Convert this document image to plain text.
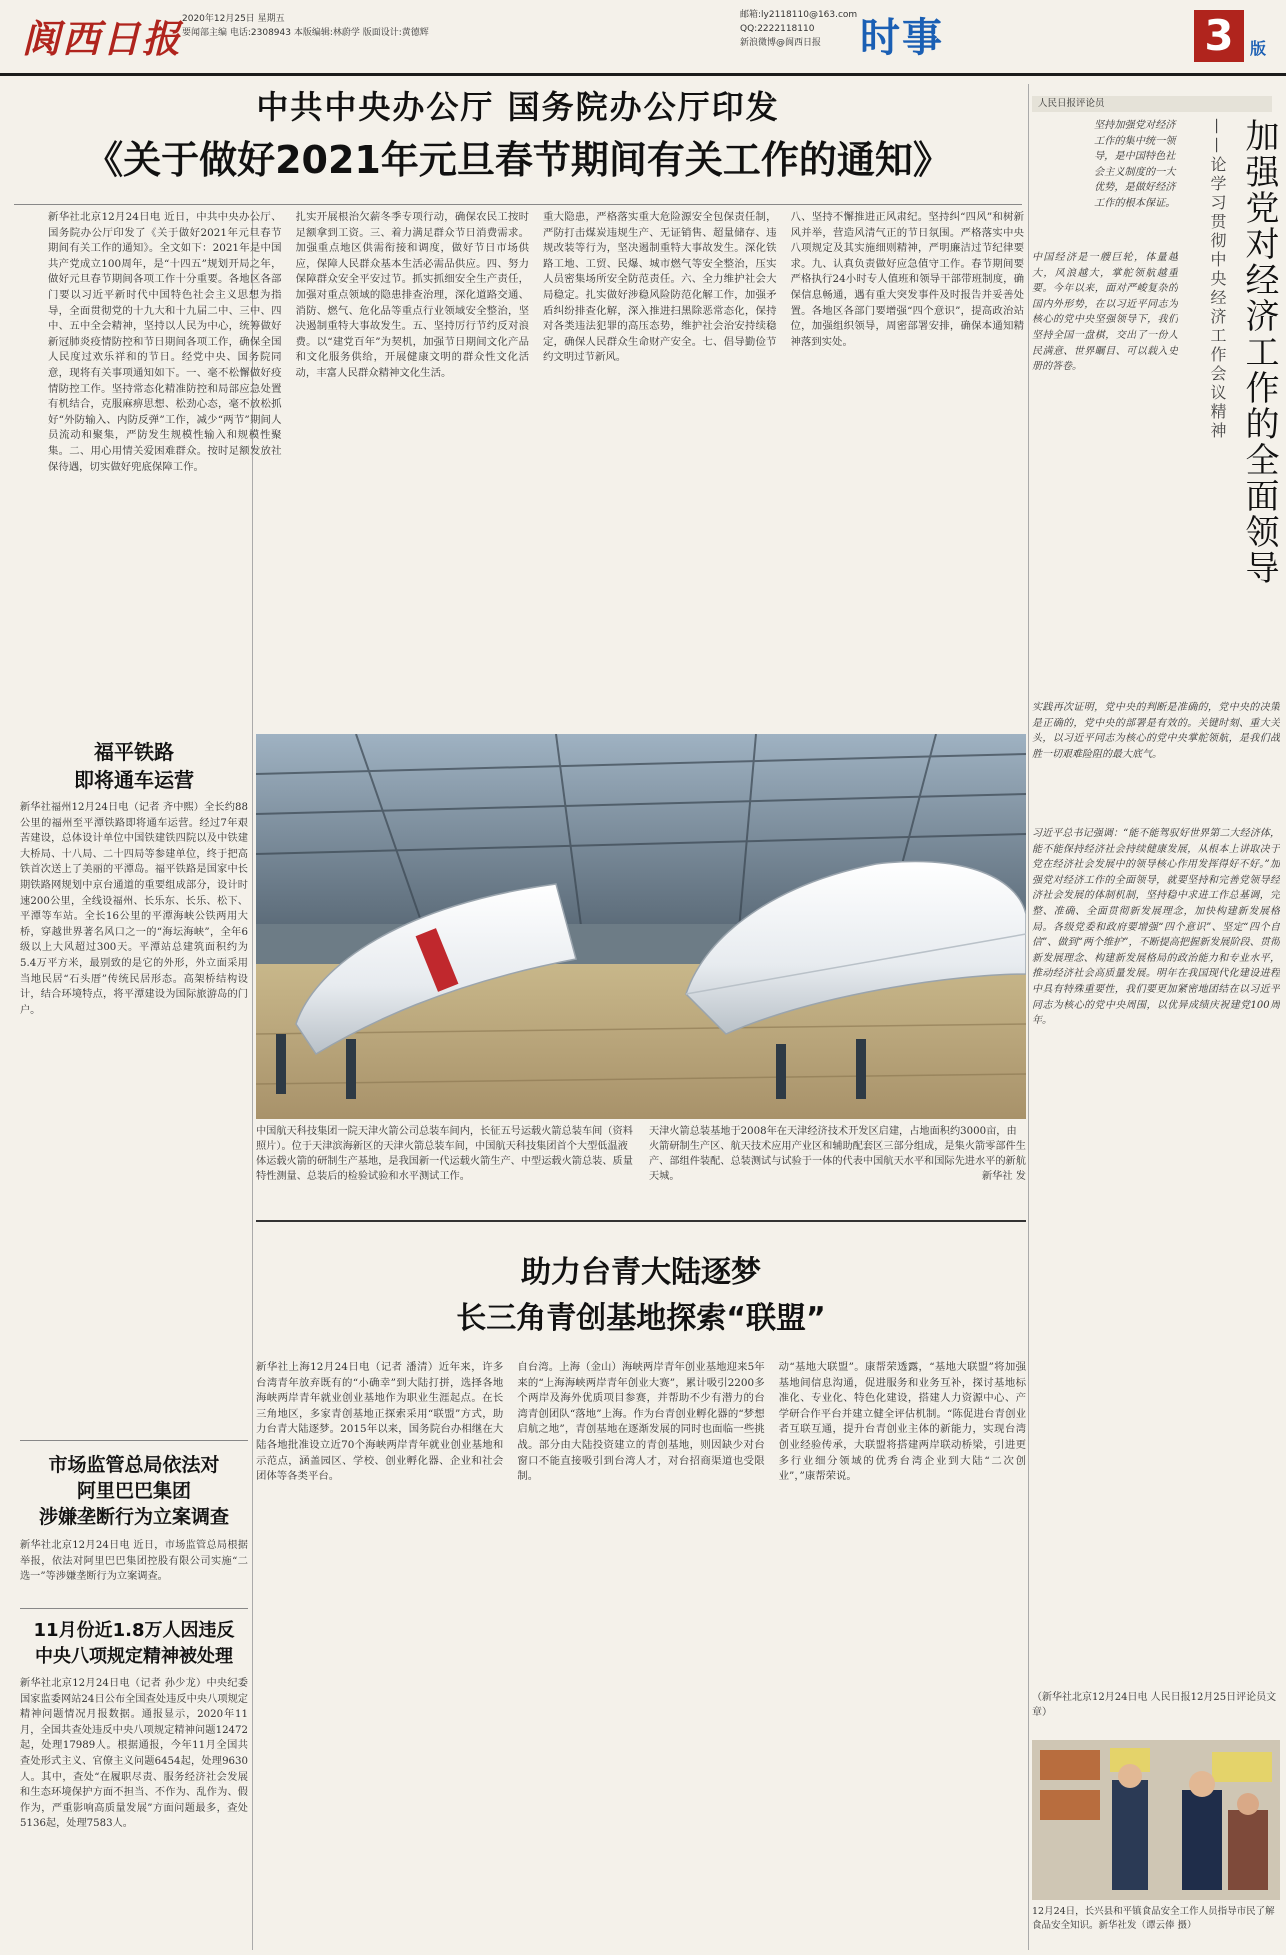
阆西日报 2020年12月25日 星期五
要闻部主编 电话:2308943 本版编辑:林蔚学 版面设计:黄德辉
邮箱:ly2118110@163.com
QQ:2222118110
新浪微博@阆西日报 时事	3	版
中共中央办公厅 国务院办公厅印发
《关于做好2021年元旦春节期间有关工作的通知》
福平铁路
即将通车运营
新华社福州12月24日电（记者 齐中熙）全长约88公里的福州至平潭铁路即将通车运营。经过7年艰苦建设，总体设计单位中国铁建铁四院以及中铁建大桥局、十八局、二十四局等参建单位，终于把高铁首次送上了美丽的平潭岛。福平铁路是国家中长期铁路网规划中京台通道的重要组成部分，设计时速200公里，全线设福州、长乐东、长乐、松下、平潭等车站。全长16公里的平潭海峡公铁两用大桥，穿越世界著名风口之一的“海坛海峡”，全年6级以上大风超过300天。平潭站总建筑面积约为5.4万平方米，最别致的是它的外形，外立面采用当地民居“石头厝”传统民居形态。高架桥结构设计，结合环境特点，将平潭建设为国际旅游岛的门户。
市场监管总局依法对
阿里巴巴集团
涉嫌垄断行为立案调查
新华社北京12月24日电 近日，市场监管总局根据举报，依法对阿里巴巴集团控股有限公司实施“二选一”等涉嫌垄断行为立案调查。
11月份近1.8万人因违反
中央八项规定精神被处理
新华社北京12月24日电（记者 孙少龙）中央纪委国家监委网站24日公布全国查处违反中央八项规定精神问题情况月报数据。通报显示，2020年11月，全国共查处违反中央八项规定精神问题12472起，处理17989人。根据通报，今年11月全国共查处形式主义、官僚主义问题6454起，处理9630人。其中，查处“在履职尽责、服务经济社会发展和生态环境保护方面不担当、不作为、乱作为、假作为，严重影响高质量发展”方面问题最多，查处5136起，处理7583人。
新华社北京12月24日电 近日，中共中央办公厅、国务院办公厅印发了《关于做好2021年元旦春节期间有关工作的通知》。全文如下：2021年是中国共产党成立100周年，是“十四五”规划开局之年，做好元旦春节期间各项工作十分重要。各地区各部门要以习近平新时代中国特色社会主义思想为指导，全面贯彻党的十九大和十九届二中、三中、四中、五中全会精神，坚持以人民为中心，统筹做好新冠肺炎疫情防控和节日期间各项工作，确保全国人民度过欢乐祥和的节日。经党中央、国务院同意，现将有关事项通知如下。一、毫不松懈做好疫情防控工作。坚持常态化精准防控和局部应急处置有机结合，克服麻痹思想、松劲心态，毫不放松抓好“外防输入、内防反弹”工作，减少“两节”期间人员流动和聚集，严防发生规模性输入和规模性聚集。二、用心用情关爱困难群众。按时足额发放社保待遇，切实做好兜底保障工作。
扎实开展根治欠薪冬季专项行动，确保农民工按时足额拿到工资。三、着力满足群众节日消费需求。加强重点地区供需衔接和调度，做好节日市场供应，保障人民群众基本生活必需品供应。四、努力保障群众安全平安过节。抓实抓细安全生产责任，加强对重点领域的隐患排查治理，深化道路交通、消防、燃气、危化品等重点行业领域安全整治，坚决遏制重特大事故发生。五、坚持厉行节约反对浪费。以“建党百年”为契机，加强节日期间文化产品和文化服务供给，开展健康文明的群众性文化活动，丰富人民群众精神文化生活。
重大隐患，严格落实重大危险源安全包保责任制，严防打击煤炭违规生产、无证销售、超量储存、违规改装等行为，坚决遏制重特大事故发生。深化铁路工地、工贸、民爆、城市燃气等安全整治，压实人员密集场所安全防范责任。六、全力维护社会大局稳定。扎实做好涉稳风险防范化解工作，加强矛盾纠纷排查化解，深入推进扫黑除恶常态化，保持对各类违法犯罪的高压态势，维护社会治安持续稳定，确保人民群众生命财产安全。七、倡导勤俭节约文明过节新风。
八、坚持不懈推进正风肃纪。坚持纠“四风”和树新风并举，营造风清气正的节日氛围。严格落实中央八项规定及其实施细则精神，严明廉洁过节纪律要求。九、认真负责做好应急值守工作。春节期间要严格执行24小时专人值班和领导干部带班制度，确保信息畅通，遇有重大突发事件及时报告并妥善处置。各地区各部门要增强“四个意识”，提高政治站位，加强组织领导，周密部署安排，确保本通知精神落到实处。
中国航天科技集团一院天津火箭公司总装车间内，长征五号运载火箭总装车间（资料照片）。位于天津滨海新区的天津火箭总装车间，中国航天科技集团首个大型低温液体运载火箭的研制生产基地，是我国新一代运载火箭生产、中型运载火箭总装、质量特性测量、总装后的检验试验和水平测试工作。
天津火箭总装基地于2008年在天津经济技术开发区启建，占地面积约3000亩，由火箭研制生产区、航天技术应用产业区和辅助配套区三部分组成，是集火箭零部件生产、部组件装配、总装测试与试验于一体的代表中国航天水平和国际先进水平的新航天城。	新华社 发
助力台青大陆逐梦
长三角青创基地探索“联盟”
新华社上海12月24日电（记者 潘清）近年来，许多台湾青年放弃既有的“小确幸”到大陆打拼，选择各地海峡两岸青年就业创业基地作为职业生涯起点。在长三角地区，多家青创基地正探索采用“联盟”方式，助力台青大陆逐梦。2015年以来，国务院台办相继在大陆各地批准设立近70个海峡两岸青年就业创业基地和示范点，涵盖园区、学校、创业孵化器、企业和社会团体等各类平台。
自台湾。上海（金山）海峡两岸青年创业基地迎来5年来的“上海海峡两岸青年创业大赛”，累计吸引2200多个两岸及海外优质项目参赛，并帮助不少有潜力的台湾青创团队“落地”上海。作为台青创业孵化器的“梦想启航之地”，青创基地在逐渐发展的同时也面临一些挑战。部分由大陆投资建立的青创基地，则因缺少对台窗口不能直接吸引到台湾人才，对台招商渠道也受限制。
动“基地大联盟”。康帮荣透露，“基地大联盟”将加强基地间信息沟通，促进服务和业务互补，探讨基地标准化、专业化、特色化建设，搭建人力资源中心、产学研合作平台并建立健全评估机制。“陈促进台青创业者互联互通，提升台青创业主体的新能力，实现台湾创业经验传承，大联盟将搭建两岸联动桥梁，引进更多行业细分领域的优秀台湾企业到大陆“二次创业”，”康帮荣说。
人民日报评论员
加强党对经济工作的全面领导
——论学习贯彻中央经济工作会议精神
坚持加强党对经济工作的集中统一领导，是中国特色社会主义制度的一大优势，是做好经济工作的根本保证。
中国经济是一艘巨轮，体量越大，风浪越大，掌舵领航越重要。今年以来，面对严峻复杂的国内外形势，在以习近平同志为核心的党中央坚强领导下，我们坚持全国一盘棋，交出了一份人民满意、世界瞩目、可以载入史册的答卷。
实践再次证明，党中央的判断是准确的，党中央的决策是正确的，党中央的部署是有效的。关键时刻、重大关头，以习近平同志为核心的党中央掌舵领航，是我们战胜一切艰难险阻的最大底气。
习近平总书记强调：“能不能驾驭好世界第二大经济体，能不能保持经济社会持续健康发展，从根本上讲取决于党在经济社会发展中的领导核心作用发挥得好不好。”加强党对经济工作的全面领导，就要坚持和完善党领导经济社会发展的体制机制，坚持稳中求进工作总基调，完整、准确、全面贯彻新发展理念，加快构建新发展格局。各级党委和政府要增强“四个意识”、坚定“四个自信”、做到“两个维护”，不断提高把握新发展阶段、贯彻新发展理念、构建新发展格局的政治能力和专业水平，推动经济社会高质量发展。明年在我国现代化建设进程中具有特殊重要性，我们要更加紧密地团结在以习近平同志为核心的党中央周围，以优异成绩庆祝建党100周年。
（新华社北京12月24日电 人民日报12月25日评论员文章）
12月24日，长兴县和平镇食品安全工作人员指导市民了解食品安全知识。新华社发（谭云俸 摄）
